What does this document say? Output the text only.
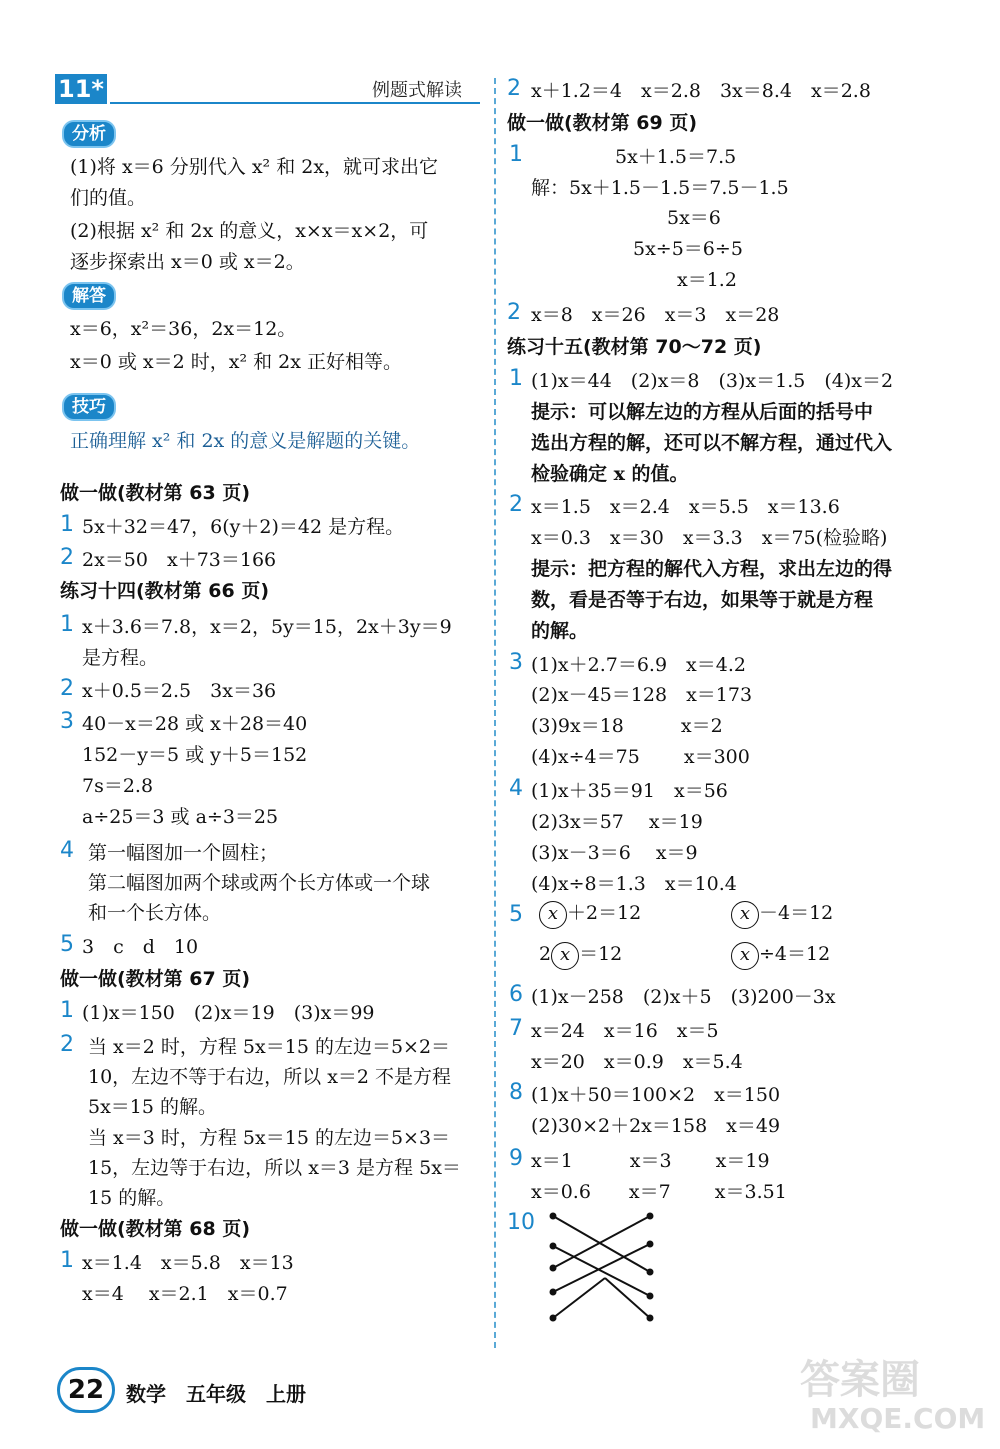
11*	例题式解读
分析
(1)将 x＝6 分别代入 x² 和 2x，就可求出它
们的值。
(2)根据 x² 和 2x 的意义，x×x＝x×2，可
逐步探索出 x＝0 或 x＝2。
解答
x＝6，x²＝36，2x＝12。
x＝0 或 x＝2 时，x² 和 2x 正好相等。
技巧
正确理解 x² 和 2x 的意义是解题的关键。
做一做(教材第 63 页)
1 5x＋32＝47，6(y＋2)＝42 是方程。
2 2x＝50　x＋73＝166
练习十四(教材第 66 页)
1 x＋3.6＝7.8，x＝2，5y＝15，2x＋3y＝9
是方程。
2 x＋0.5＝2.5　3x＝36
3 40－x＝28 或 x＋28＝40
152－y＝5 或 y＋5＝152
7s＝2.8
a÷25＝3 或 a÷3＝25
4 第一幅图加一个圆柱；
第二幅图加两个球或两个长方体或一个球
和一个长方体。
5 3　c　d　10
做一做(教材第 67 页)
1 (1)x＝150　(2)x＝19　(3)x＝99
2 当 x＝2 时，方程 5x＝15 的左边＝5×2＝
10，左边不等于右边，所以 x＝2 不是方程
5x＝15 的解。
当 x＝3 时，方程 5x＝15 的左边＝5×3＝
15，左边等于右边，所以 x＝3 是方程 5x＝
15 的解。
做一做(教材第 68 页)
1 x＝1.4　x＝5.8　x＝13
x＝4　 x＝2.1　x＝0.7
2 x＋1.2＝4　x＝2.8　3x＝8.4　x＝2.8
做一做(教材第 69 页)
1	5x＋1.5＝7.5
解：5x＋1.5－1.5＝7.5－1.5
5x＝6
5x÷5＝6÷5
x＝1.2
2 x＝8　x＝26　x＝3　x＝28
练习十五(教材第 70～72 页)
1 (1)x＝44　(2)x＝8　(3)x＝1.5　(4)x＝2
提示：可以解左边的方程从后面的括号中
选出方程的解，还可以不解方程，通过代入
检验确定 x 的值。
2 x＝1.5　x＝2.4　x＝5.5　x＝13.6
x＝0.3　x＝30　x＝3.3　x＝75(检验略)
提示：把方程的解代入方程，求出左边的得
数，看是否等于右边，如果等于就是方程
的解。
3 (1)x＋2.7＝6.9　x＝4.2
(2)x－45＝128　x＝173
(3)9x＝18　　　x＝2
(4)x÷4＝75　　 x＝300
4 (1)x＋35＝91　x＝56
(2)3x＝57　 x＝19
(3)x－3＝6　 x＝9
(4)x÷8＝1.3　x＝10.4
5	x ＋2＝12	x －4＝12
2 x ＝12	x ÷4＝12
6 (1)x－258　(2)x＋5　(3)200－3x
7 x＝24　x＝16　x＝5
x＝20　x＝0.9　x＝5.4
8 (1)x＋50＝100×2　x＝150
(2)30×2＋2x＝158　x＝49
9 x＝1　　　x＝3　　 x＝19
x＝0.6　　x＝7　　 x＝3.51
10
22	数学　五年级　上册	答案圈
MXQE.COM
